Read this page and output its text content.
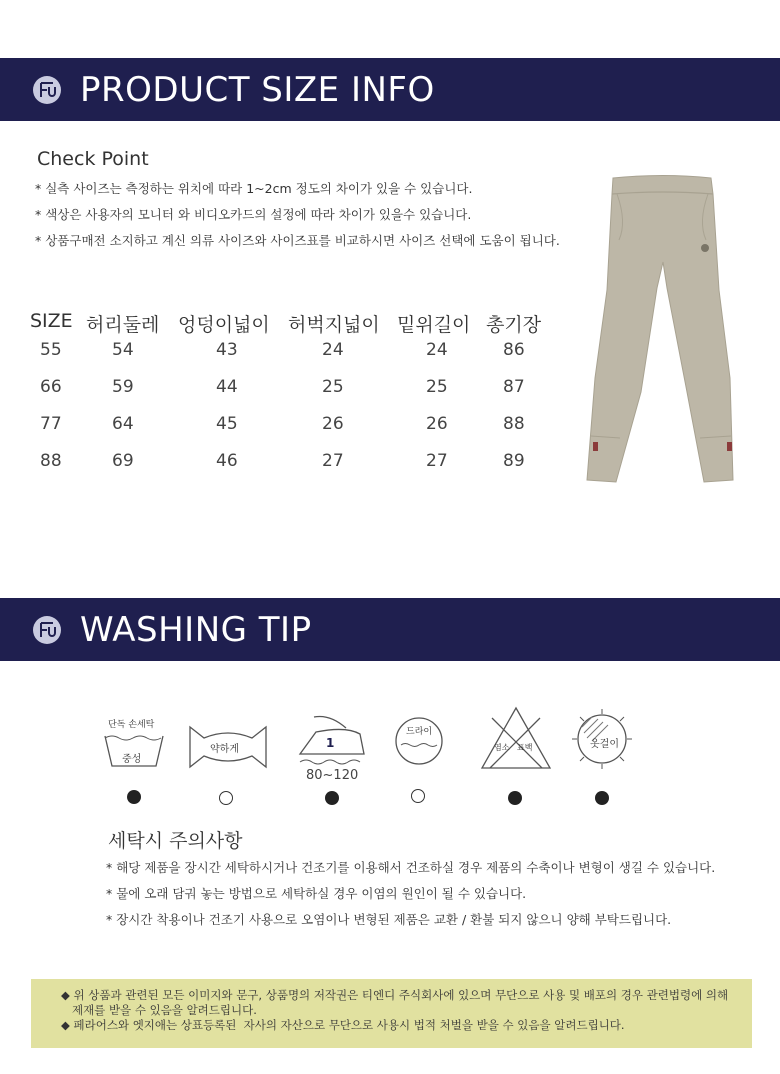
PRODUCT SIZE INFO
Check Point
* 실측 사이즈는 측정하는 위치에 따라 1~2cm 정도의 차이가 있을 수 있습니다.
* 색상은 사용자의 모니터 와 비디오카드의 설정에 따라 차이가 있을수 있습니다.
* 상품구매전 소지하고 계신 의류 사이즈와 사이즈표를 비교하시면 사이즈 선택에 도움이 됩니다.
SIZE 허리둘레 엉덩이넓이 허벅지넓이 밑위길이 총기장
55	54	43	24	24	86
66	59	44	25	25	87
77	64	45	26	26	88
88	69	46	27	27	89
WASHING TIP
단독 손세탁
중성
약하게	1
80~120
드라이
염소 표백	옷걸이
세탁시 주의사항
* 해당 제품을 장시간 세탁하시거나 건조기를 이용해서 건조하실 경우 제품의 수축이나 변형이 생길 수 있습니다.
* 물에 오래 담궈 놓는 방법으로 세탁하실 경우 이염의 원인이 될 수 있습니다.
* 장시간 착용이나 건조기 사용으로 오염이나 변형된 제품은 교환 / 환불 되지 않으니 양해 부탁드립니다.
◆ 위 상품과 관련된 모든 이미지와 문구, 상품명의 저작권은 티엔디 주식회사에 있으며 무단으로 사용 및 배포의 경우 관련법령에 의해
제재를 받을 수 있음을 알려드립니다.
◆ 페라어스와 엣지애는 상표등록된  자사의 자산으로 무단으로 사용시 법적 처벌을 받을 수 있음을 알려드립니다.
